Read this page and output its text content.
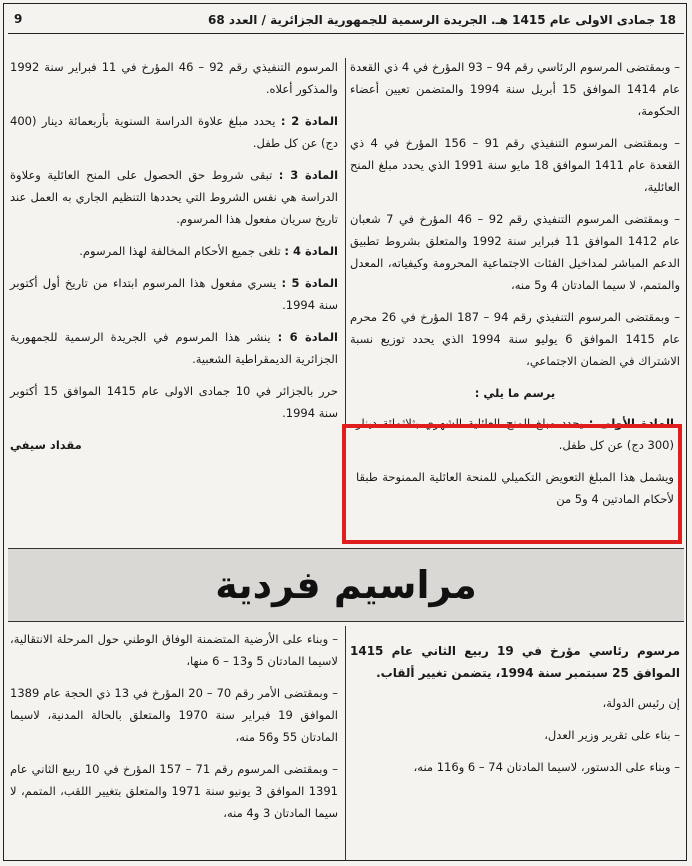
18 جمادى الاولى عام 1415 هـ. الجريدة الرسمية للجمهورية الجزائرية / العدد 68
9

– وبمقتضى المرسوم الرئاسي رقم 94 – 93 المؤرخ في 4 ذي القعدة عام 1414 الموافق 15 أبريل سنة 1994 والمتضمن تعيين أعضاء الحكومة،

– وبمقتضى المرسوم التنفيذي رقم 91 – 156 المؤرخ في 4 ذي القعدة عام 1411 الموافق 18 مايو سنة 1991 الذي يحدد مبلغ المنح العائلية،

– وبمقتضى المرسوم التنفيذي رقم 92 – 46 المؤرخ في 7 شعبان عام 1412 الموافق 11 فبراير سنة 1992 والمتعلق بشروط تطبيق الدعم المباشر لمداخيل الفئات الاجتماعية المحرومة وكيفياته، المعدل والمتمم، لا سيما المادتان 4 و5 منه،

– وبمقتضى المرسوم التنفيذي رقم 94 – 187 المؤرخ في 26 محرم عام 1415 الموافق 6 يوليو سنة 1994 الذي يحدد توزيع نسبة الاشتراك في الضمان الاجتماعي،

يرسم ما يلي :

المادة الأولى : يحدد مبلغ المنح العائلية الشهري بثلاثمائة دينار (300 دج) عن كل طفل.

ويشمل هذا المبلغ التعويض التكميلي للمنحة العائلية الممنوحة طبقا لأحكام المادتين 4 و5 من

المرسوم التنفيذي رقم 92 – 46 المؤرخ في 11 فبراير سنة 1992 والمذكور أعلاه.

المادة 2 : يحدد مبلغ علاوة الدراسة السنوية بأربعمائة دينار (400 دج) عن كل طفل.

المادة 3 : تبقى شروط حق الحصول على المنح العائلية وعلاوة الدراسة هي نفس الشروط التي يحددها التنظيم الجاري به العمل عند تاريخ سريان مفعول هذا المرسوم.

المادة 4 : تلغى جميع الأحكام المخالفة لهذا المرسوم.

المادة 5 : يسري مفعول هذا المرسوم ابتداء من تاريخ أول أكتوبر سنة 1994.

المادة 6 : ينشر هذا المرسوم في الجريدة الرسمية للجمهورية الجزائرية الديمقراطية الشعبية.

حرر بالجزائر في 10 جمادى الاولى عام 1415 الموافق 15 أكتوبر سنة 1994.

مقداد سيفي

مراسيم فردية

مرسوم رئاسي مؤرخ في 19 ربيع الثاني عام 1415 الموافق 25 سبتمبر سنة 1994، يتضمن تغيير ألقاب.

إن رئيس الدولة،

– بناء على تقرير وزير العدل،

– وبناء على الدستور، لاسيما المادتان 74 – 6 و116 منه،

– وبناء على الأرضية المتضمنة الوفاق الوطني حول المرحلة الانتقالية، لاسيما المادتان 5 و13 – 6 منها،

– وبمقتضى الأمر رقم 70 – 20 المؤرخ في 13 ذي الحجة عام 1389 الموافق 19 فبراير سنة 1970 والمتعلق بالحالة المدنية، لاسيما المادتان 55 و56 منه،

– وبمقتضى المرسوم رقم 71 – 157 المؤرخ في 10 ربيع الثاني عام 1391 الموافق 3 يونيو سنة 1971 والمتعلق بتغيير اللقب، المتمم، لا سيما المادتان 3 و4 منه،
